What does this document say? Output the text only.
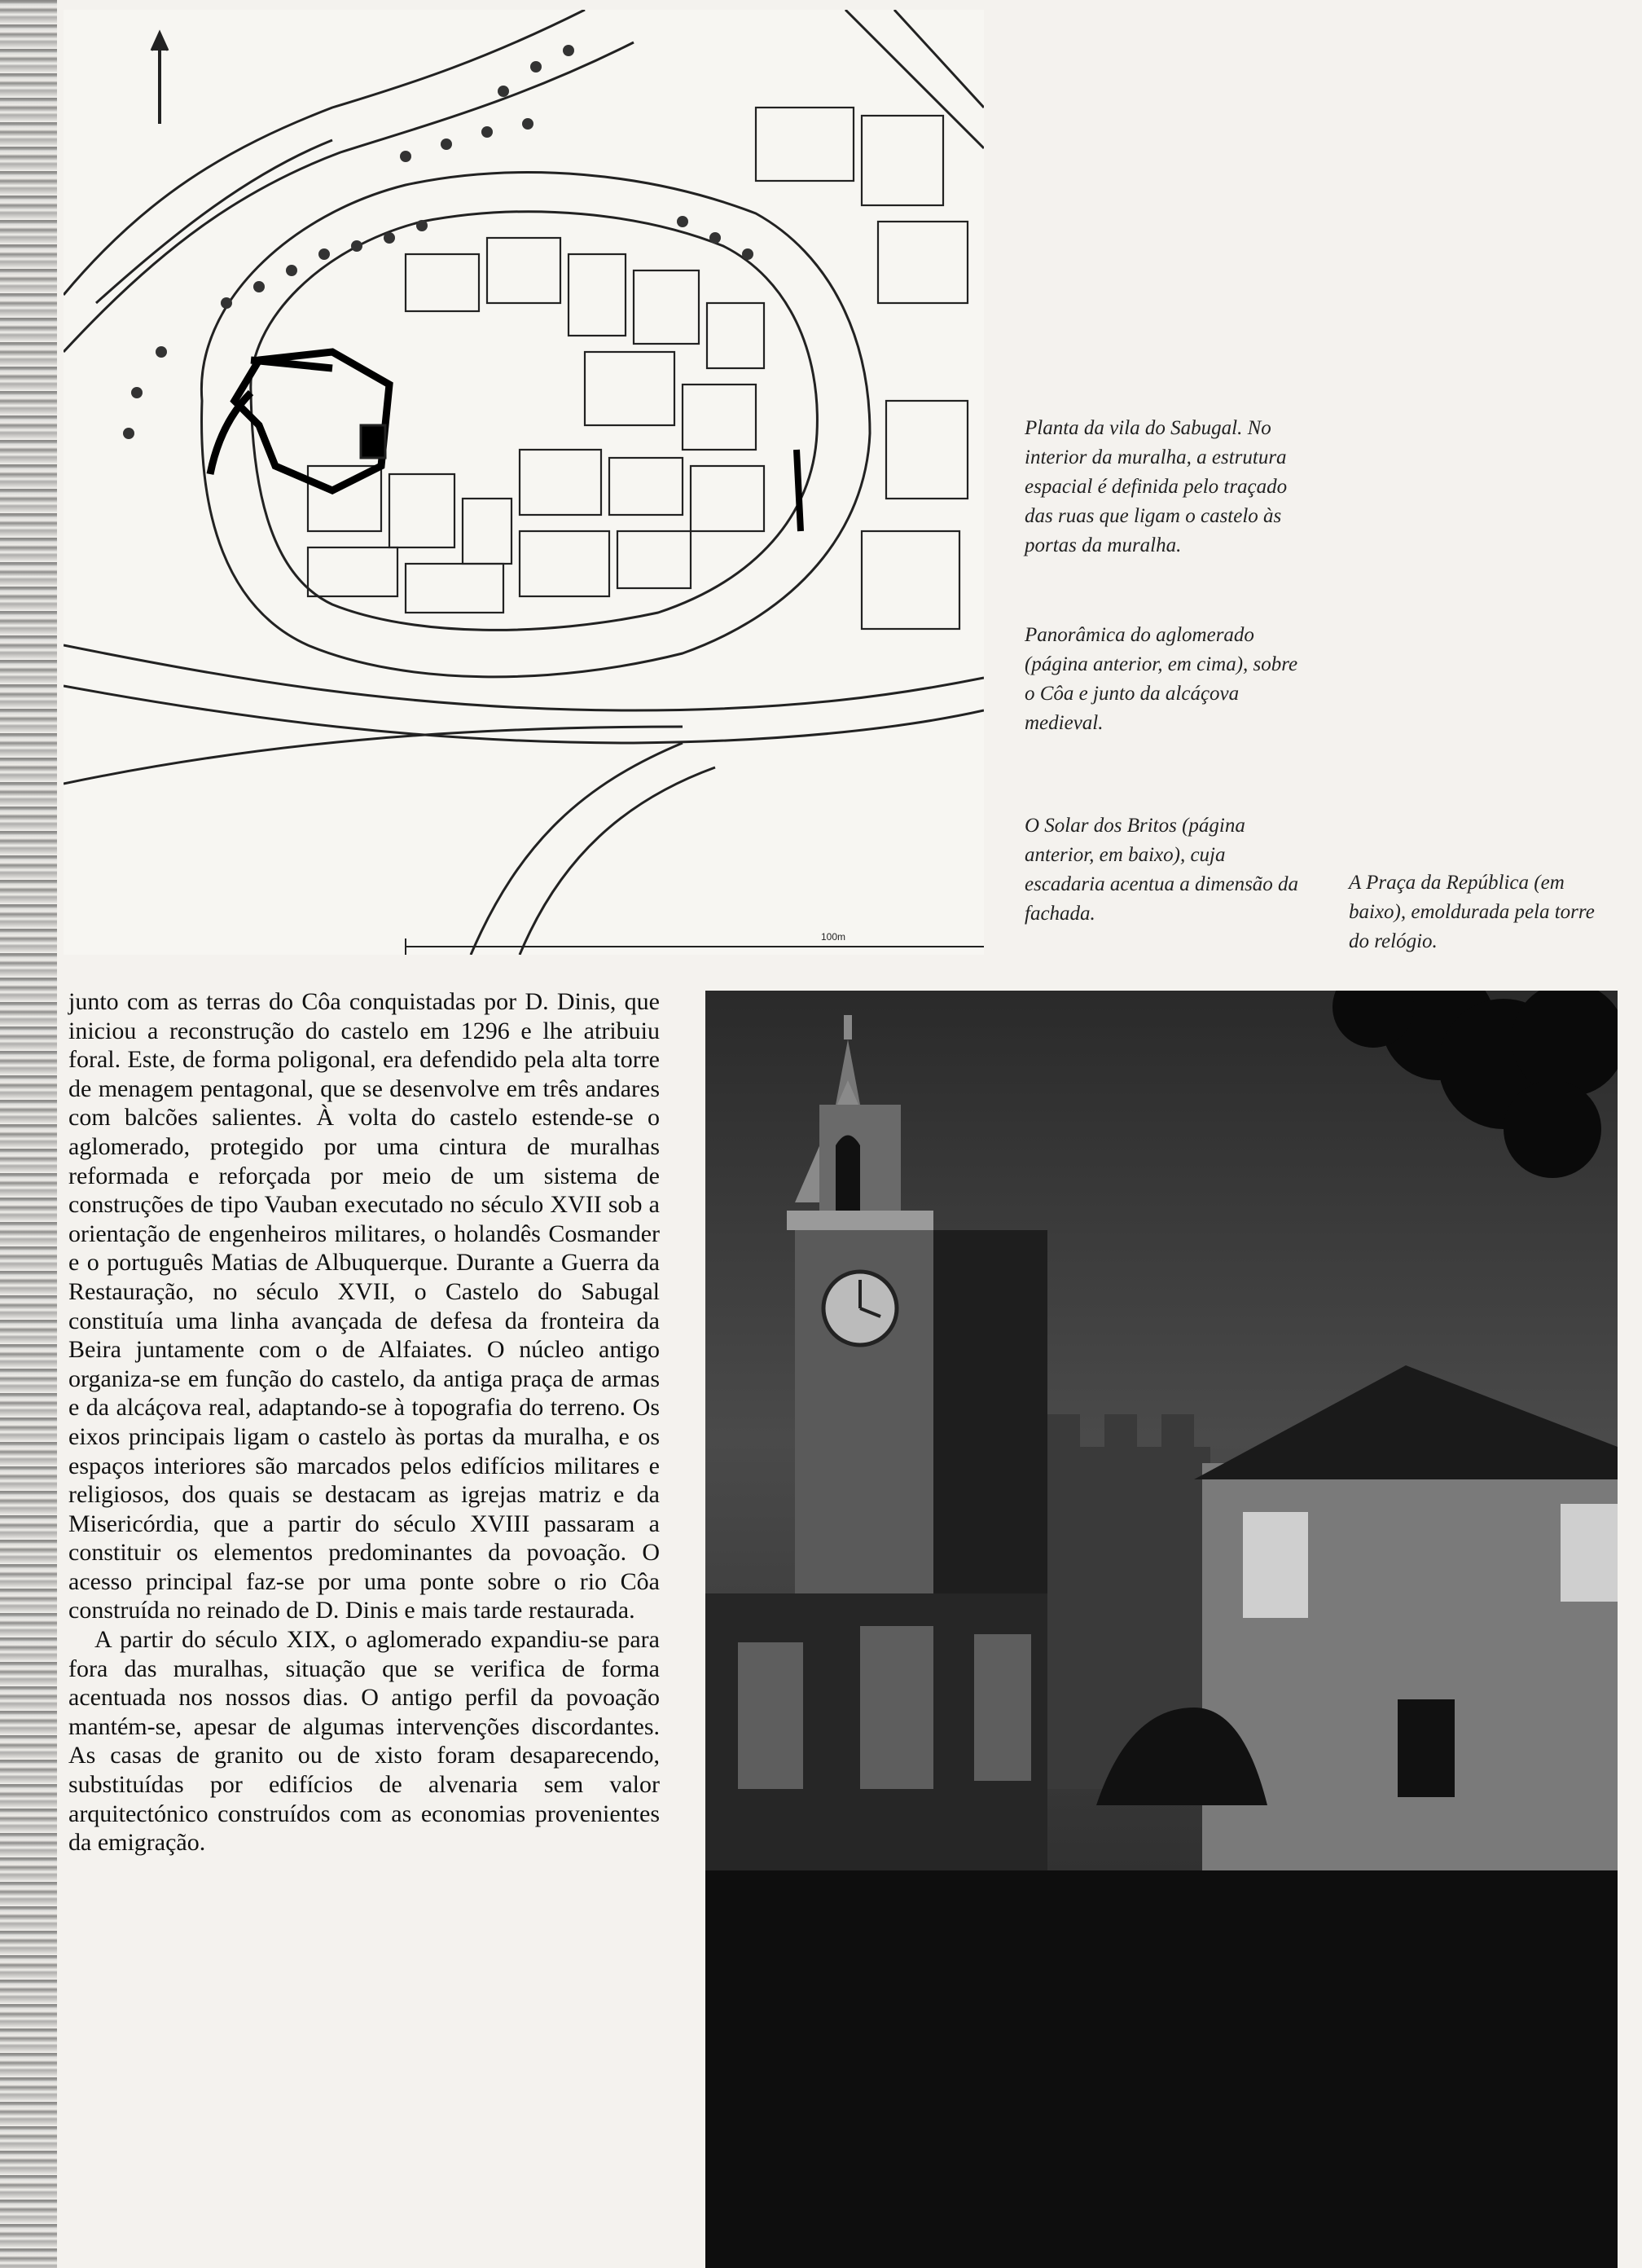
100m
Planta da vila do Sabugal. No interior da muralha, a estrutura espacial é definida pelo traçado das ruas que ligam o castelo às portas da muralha.
Panorâmica do aglomerado (página anterior, em cima), sobre o Côa e junto da alcáçova medieval.
O Solar dos Britos (página anterior, em baixo), cuja escadaria acentua a dimensão da fachada.
A Praça da República (em baixo), emoldurada pela torre do relógio.

junto com as terras do Côa conquistadas por D. Dinis, que iniciou a reconstrução do castelo em 1296 e lhe atribuiu foral. Este, de forma poligonal, era defendido pela alta torre de menagem pentagonal, que se desenvolve em três andares com balcões salientes. À volta do castelo estende-se o aglomerado, protegido por uma cintura de muralhas reformada e reforçada por meio de um sistema de construções de tipo Vauban executado no século XVII sob a orientação de engenheiros militares, o holandês Cosmander e o português Matias de Albuquerque. Durante a Guerra da Restauração, no século XVII, o Castelo do Sabugal constituía uma linha avançada de defesa da fronteira da Beira juntamente com o de Alfaiates. O núcleo antigo organiza-se em função do castelo, da antiga praça de armas e da alcáçova real, adaptando-se à topografia do terreno. Os eixos principais ligam o castelo às portas da muralha, e os espaços interiores são marcados pelos edifícios militares e religiosos, dos quais se destacam as igrejas matriz e da Misericórdia, que a partir do século XVIII passaram a constituir os elementos predominantes da povoação. O acesso principal faz-se por uma ponte sobre o rio Côa construída no reinado de D. Dinis e mais tarde restaurada.

A partir do século XIX, o aglomerado expandiu-se para fora das muralhas, situação que se verifica de forma acentuada nos nossos dias. O antigo perfil da povoação mantém-se, apesar de algumas intervenções discordantes. As casas de granito ou de xisto foram desaparecendo, substituídas por edifícios de alvenaria sem valor arquitectónico construídos com as economias provenientes da emigração.
